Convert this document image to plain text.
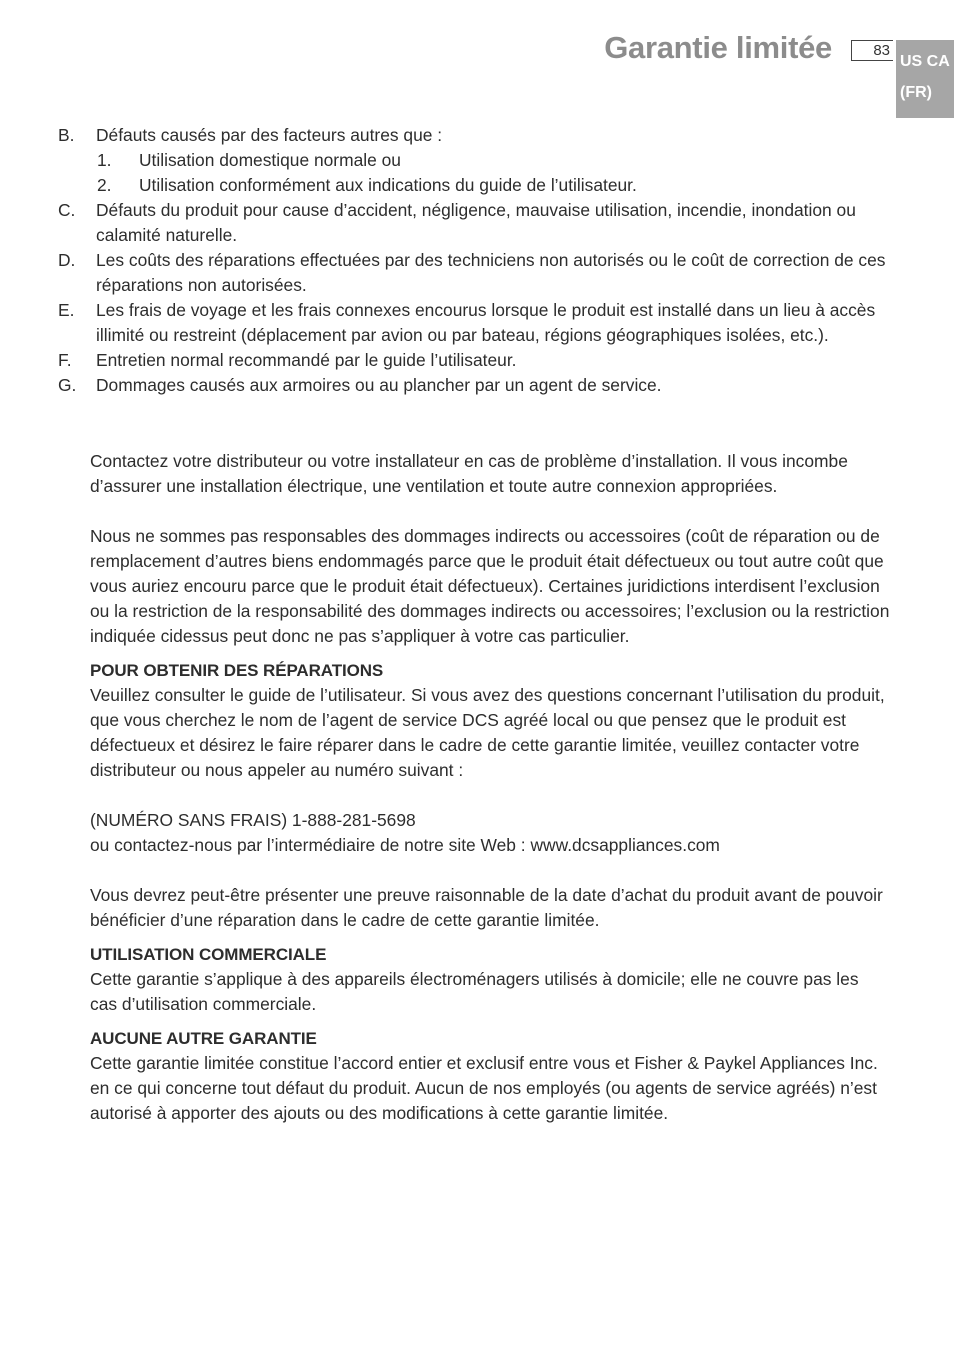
Garantie limitée	83
US CA
(FR)
B. Défauts causés par des facteurs autres que :
1. Utilisation domestique normale ou
2. Utilisation conformément aux indications du guide de l’utilisateur.
C. Défauts du produit pour cause d’accident, négligence, mauvaise utilisation, incendie, inondation ou calamité naturelle.
D. Les coûts des réparations effectuées par des techniciens non autorisés ou le coût de correction de ces réparations non autorisées.
E. Les frais de voyage et les frais connexes encourus lorsque le produit est installé dans un lieu à accès illimité ou restreint (déplacement par avion ou par bateau, régions géographiques isolées, etc.).
F. Entretien normal recommandé par le guide l’utilisateur.
G. Dommages causés aux armoires ou au plancher par un agent de service.

Contactez votre distributeur ou votre installateur en cas de problème d’installation. Il vous incombe d’assurer une installation électrique, une ventilation et toute autre connexion appropriées.

Nous ne sommes pas responsables des dommages indirects ou accessoires (coût de réparation ou de remplacement d’autres biens endommagés parce que le produit était défectueux ou tout autre coût que vous auriez encouru parce que le produit était défectueux). Certaines juridictions interdisent l’exclusion ou la restriction de la responsabilité des dommages indirects ou accessoires; l’exclusion ou la restriction indiquée cidessus peut donc ne pas s’appliquer à votre cas particulier.

POUR OBTENIR DES RÉPARATIONS

Veuillez consulter le guide de l’utilisateur. Si vous avez des questions concernant l’utilisation du produit, que vous cherchez le nom de l’agent de service DCS agréé local ou que pensez que le produit est défectueux et désirez le faire réparer dans le cadre de cette garantie limitée, veuillez contacter votre distributeur ou nous appeler au numéro suivant :

(NUMÉRO SANS FRAIS) 1-888-281-5698

ou contactez-nous par l’intermédiaire de notre site Web : www.dcsappliances.com

Vous devrez peut-être présenter une preuve raisonnable de la date d’achat du produit avant de pouvoir bénéficier d’une réparation dans le cadre de cette garantie limitée.

UTILISATION COMMERCIALE

Cette garantie s’applique à des appareils électroménagers utilisés à domicile; elle ne couvre pas les cas d’utilisation commerciale.

AUCUNE AUTRE GARANTIE

Cette garantie limitée constitue l’accord entier et exclusif entre vous et Fisher & Paykel Appliances Inc. en ce qui concerne tout défaut du produit. Aucun de nos employés (ou agents de service agréés) n’est autorisé à apporter des ajouts ou des modifications à cette garantie limitée.
